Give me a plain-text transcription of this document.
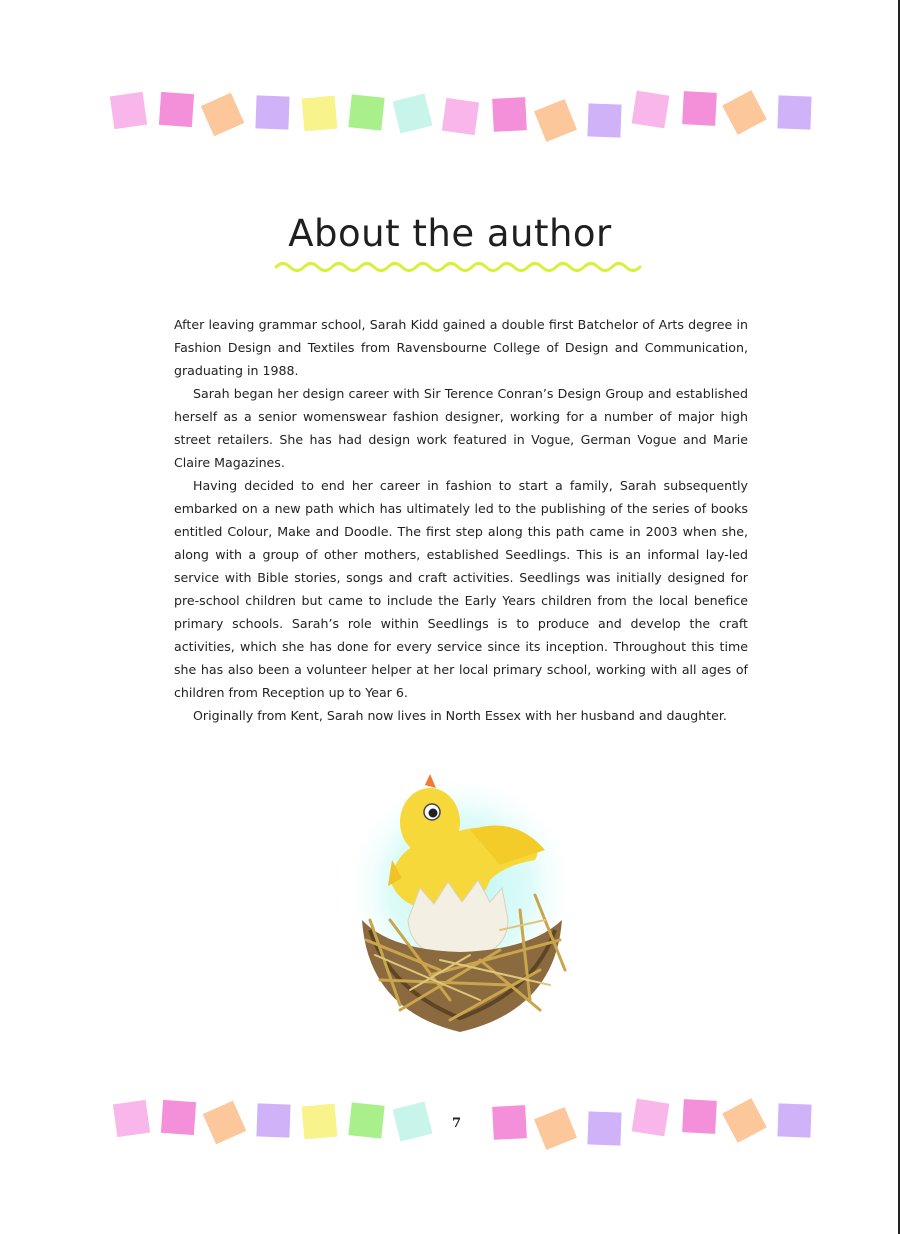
About the author

After leaving grammar school, Sarah Kidd gained a double first Batchelor of Arts degree in Fashion Design and Textiles from Ravensbourne College of Design and Communication, graduating in 1988.

Sarah began her design career with Sir Terence Conran’s Design Group and established herself as a senior womenswear fashion designer, working for a number of major high street retailers. She has had design work featured in Vogue, German Vogue and Marie Claire Magazines.

Having decided to end her career in fashion to start a family, Sarah subsequently embarked on a new path which has ultimately led to the publishing of the series of books entitled Colour, Make and Doodle. The first step along this path came in 2003 when she, along with a group of other mothers, established Seedlings. This is an informal lay-led service with Bible stories, songs and craft activities. Seedlings was initially designed for pre-school children but came to include the Early Years children from the local benefice primary schools. Sarah’s role within Seedlings is to produce and develop the craft activities, which she has done for every service since its inception. Throughout this time she has also been a volunteer helper at her local primary school, working with all ages of children from Reception up to Year 6.

Originally from Kent, Sarah now lives in North Essex with her husband and daughter.

7
